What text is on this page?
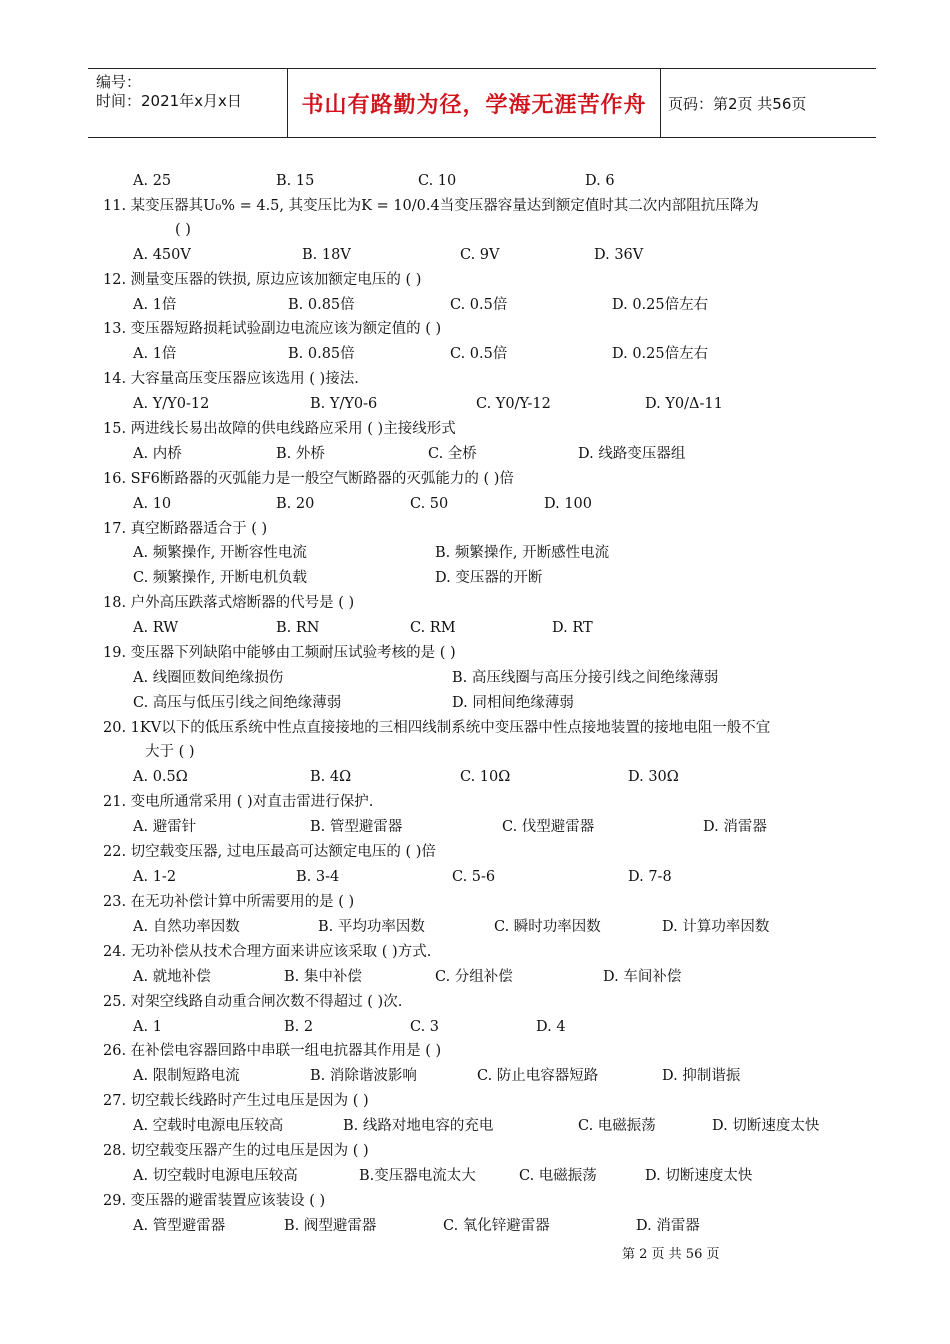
编号：
时间：2021年x月x日	书山有路勤为径，学海无涯苦作舟	页码：第2页 共56页
A. 25	B. 15	C. 10	D. 6
11. 某变压器其U₀% = 4.5, 其变压比为K = 10/0.4当变压器容量达到额定值时其二次内部阻抗压降为
( )
A. 450V	B. 18V	C. 9V	D. 36V
12. 测量变压器的铁损, 原边应该加额定电压的 ( )
A. 1倍	B. 0.85倍	C. 0.5倍	D. 0.25倍左右
13. 变压器短路损耗试验副边电流应该为额定值的 ( )
A. 1倍	B. 0.85倍	C. 0.5倍	D. 0.25倍左右
14. 大容量高压变压器应该选用 ( )接法.
A. Y/Y0-12	B. Y/Y0-6	C. Y0/Y-12	D. Y0/Δ-11
15. 两进线长易出故障的供电线路应采用 ( )主接线形式
A. 内桥	B. 外桥	C. 全桥	D. 线路变压器组
16. SF6断路器的灭弧能力是一般空气断路器的灭弧能力的 ( )倍
A. 10	B. 20	C. 50	D. 100
17. 真空断路器适合于 ( )
A. 频繁操作, 开断容性电流	B. 频繁操作, 开断感性电流
C. 频繁操作, 开断电机负载	D. 变压器的开断
18. 户外高压跌落式熔断器的代号是 ( )
A. RW	B. RN	C. RM	D. RT
19. 变压器下列缺陷中能够由工频耐压试验考核的是 ( )
A. 线圈匝数间绝缘损伤	B. 高压线圈与高压分接引线之间绝缘薄弱
C. 高压与低压引线之间绝缘薄弱	D. 同相间绝缘薄弱
20. 1KV以下的低压系统中性点直接接地的三相四线制系统中变压器中性点接地装置的接地电阻一般不宜
大于 ( )
A. 0.5Ω	B. 4Ω	C. 10Ω	D. 30Ω
21. 变电所通常采用 ( )对直击雷进行保护.
A. 避雷针	B. 管型避雷器	C. 伐型避雷器	D. 消雷器
22. 切空载变压器, 过电压最高可达额定电压的 ( )倍
A. 1-2	B. 3-4	C. 5-6	D. 7-8
23. 在无功补偿计算中所需要用的是 ( )
A. 自然功率因数	B. 平均功率因数	C. 瞬时功率因数	D. 计算功率因数
24. 无功补偿从技术合理方面来讲应该采取 ( )方式.
A. 就地补偿	B. 集中补偿	C. 分组补偿	D. 车间补偿
25. 对架空线路自动重合闸次数不得超过 ( )次.
A. 1	B. 2	C. 3	D. 4
26. 在补偿电容器回路中串联一组电抗器其作用是 ( )
A. 限制短路电流	B. 消除谐波影响	C. 防止电容器短路	D. 抑制谐振
27. 切空载长线路时产生过电压是因为 ( )
A. 空载时电源电压较高	B. 线路对地电容的充电	C. 电磁振荡	D. 切断速度太快
28. 切空载变压器产生的过电压是因为 ( )
A. 切空载时电源电压较高	B.变压器电流太大	C. 电磁振荡	D. 切断速度太快
29. 变压器的避雷装置应该装设 ( )
A. 管型避雷器	B. 阀型避雷器	C. 氧化锌避雷器	D. 消雷器
第 2 页 共 56 页
